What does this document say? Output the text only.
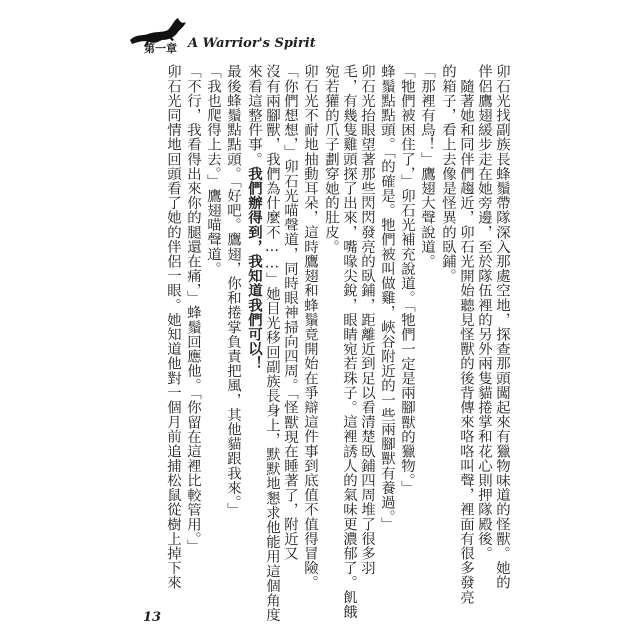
A Warrior's Spirit
第一章
卯石光找副族長蜂鬚帶隊深入那處空地，探查那頭闖起來有獵物味道的怪獸。她的
伴侶鷹翅緩步走在她旁邊，至於隊伍裡的另外兩隻貓捲掌和花心則押隊殿後。
　隨著她和同伴們趨近，卯石光開始聽見怪獸的後背傳來咯咯叫聲，裡面有很多發亮
的箱子，看上去像是怪異的臥鋪。
「那裡有鳥！」鷹翅大聲說道。
「牠們被困住了，」卯石光補充說道。「牠們一定是兩腳獸的獵物。」
蜂鬚點點頭。「的確是。牠們被叫做雞，峽谷附近的一些兩腳獸有養過。」
卯石光抬眼望著那些閃閃發亮的臥鋪，距離近到足以看清楚臥鋪四周堆了很多羽
毛，有幾隻雞頭探了出來，嘴喙尖銳，眼睛宛若珠子。這裡誘人的氣味更濃郁了。飢餓
宛若獾的爪子劃穿她的肚皮。
卯石光不耐地抽動耳朵，這時鷹翅和蜂鬚竟開始在爭辯這件事到底值不值得冒險。
「你們想想，」卯石光喵聲道，同時眼神掃向四周。「怪獸現在睡著了，附近又
沒有兩腳獸，我們為什麼不……」她目光移回副族長身上，默默地懇求他能用這個角度
來看這整件事。我們辦得到，我知道我們可以！
最後蜂鬚點點頭。「好吧。鷹翅，你和捲掌負責把風，其他貓跟我來。」
「我也爬得上去。」鷹翅喵聲道。
「不行，我看得出來你的腿還在痛，」蜂鬚回應他。「你留在這裡比較管用。」
卯石光同情地回頭看了她的伴侶一眼。她知道他對一個月前追捕松鼠從樹上掉下來
13
